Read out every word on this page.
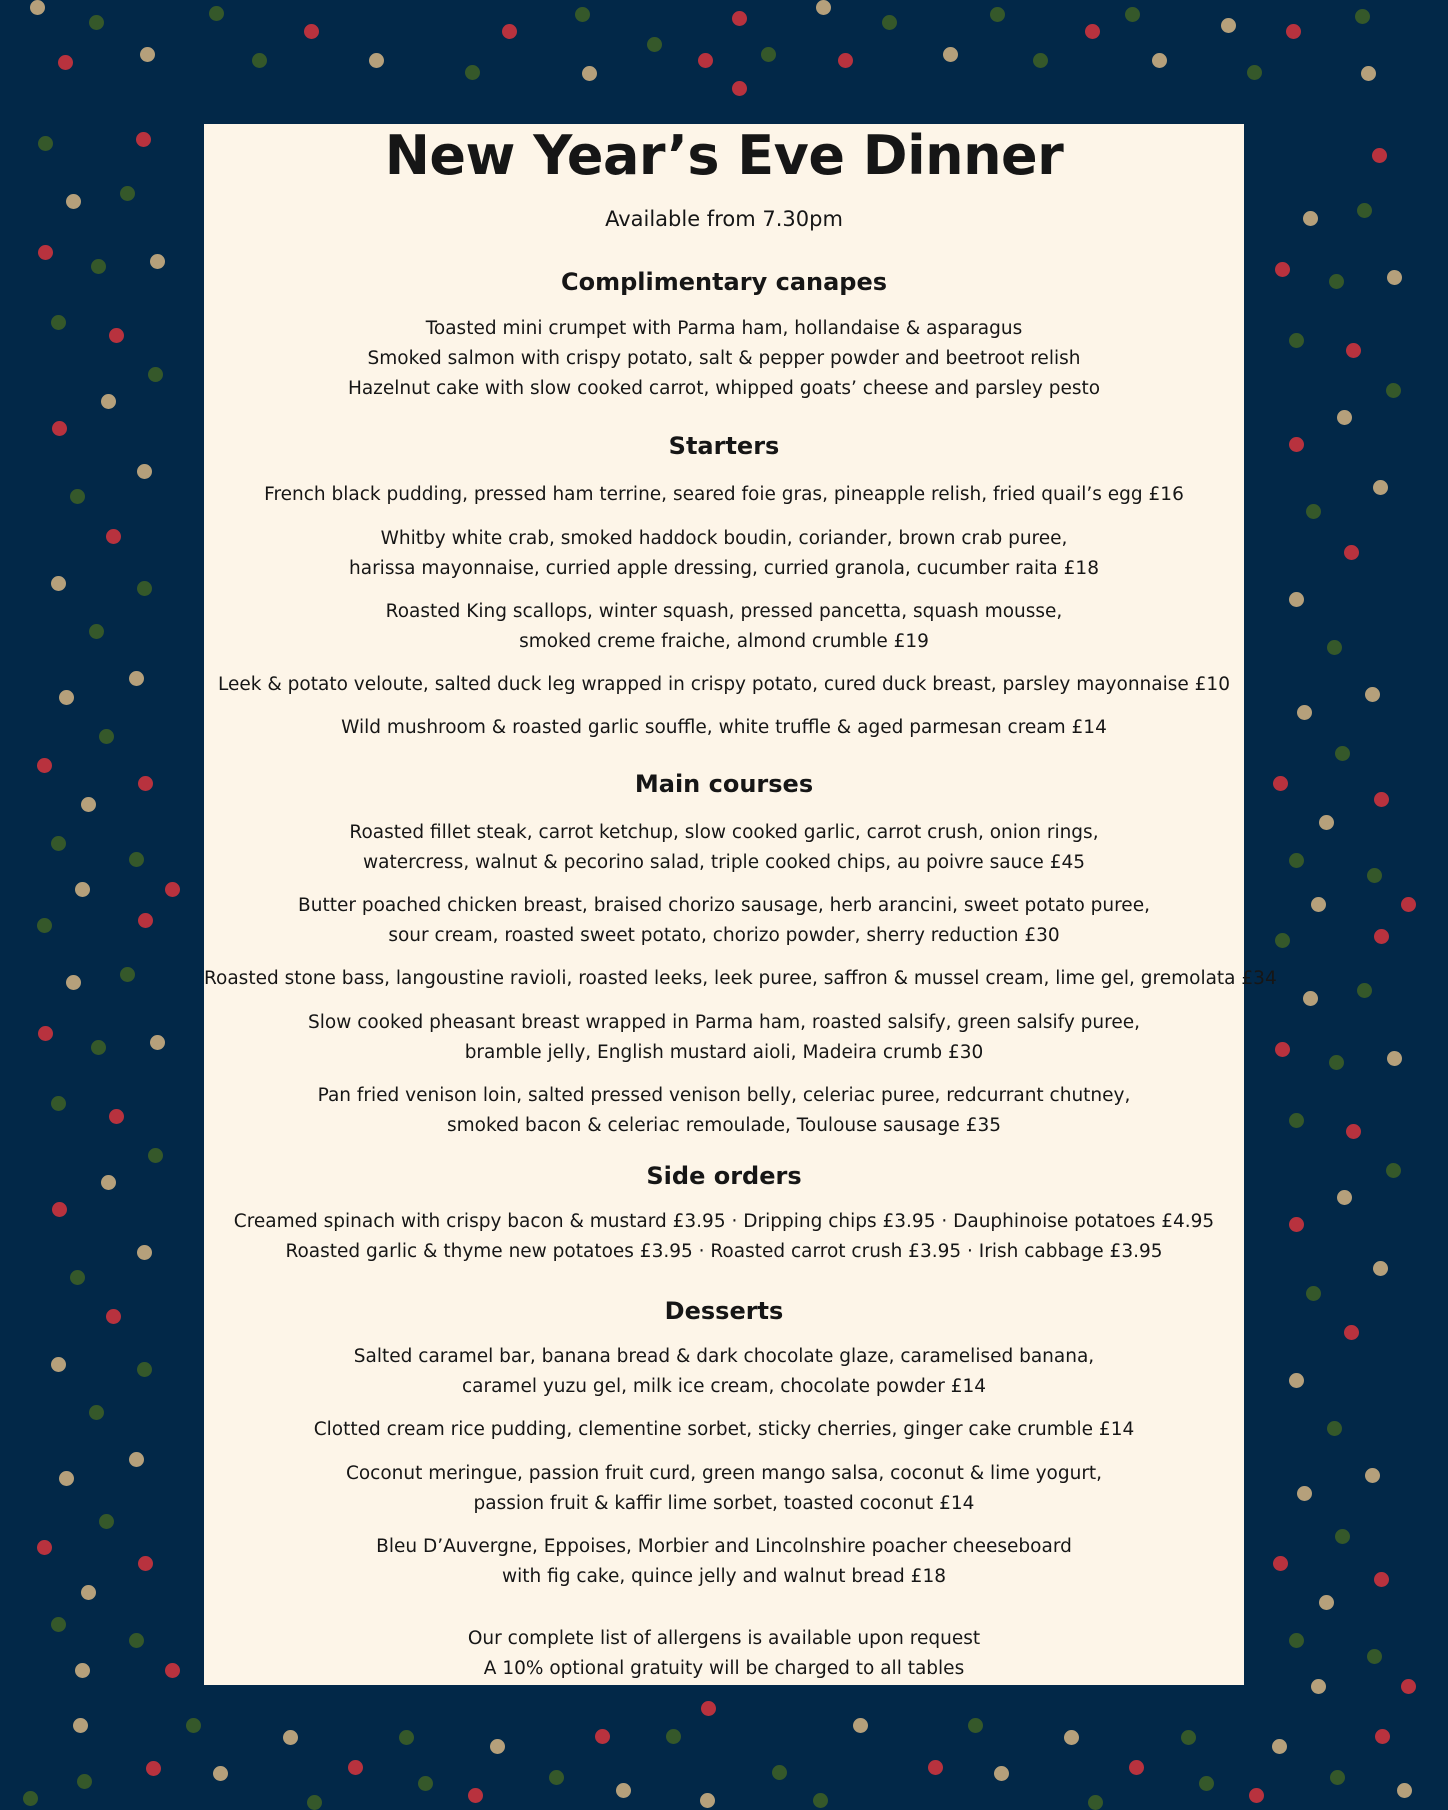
New Year’s Eve Dinner
Available from 7.30pm
Complimentary canapes
Toasted mini crumpet with Parma ham, hollandaise & asparagus
Smoked salmon with crispy potato, salt & pepper powder and beetroot relish
Hazelnut cake with slow cooked carrot, whipped goats’ cheese and parsley pesto
Starters
French black pudding, pressed ham terrine, seared foie gras, pineapple relish, fried quail’s egg £16
Whitby white crab, smoked haddock boudin, coriander, brown crab puree,
harissa mayonnaise, curried apple dressing, curried granola, cucumber raita £18
Roasted King scallops, winter squash, pressed pancetta, squash mousse,
smoked creme fraiche, almond crumble £19
Leek & potato veloute, salted duck leg wrapped in crispy potato, cured duck breast, parsley mayonnaise £10
Wild mushroom & roasted garlic souffle, white truffle & aged parmesan cream £14
Main courses
Roasted fillet steak, carrot ketchup, slow cooked garlic, carrot crush, onion rings,
watercress, walnut & pecorino salad, triple cooked chips, au poivre sauce £45
Butter poached chicken breast, braised chorizo sausage, herb arancini, sweet potato puree,
sour cream, roasted sweet potato, chorizo powder, sherry reduction £30
Roasted stone bass, langoustine ravioli, roasted leeks, leek puree, saffron & mussel cream, lime gel, gremolata £34
Slow cooked pheasant breast wrapped in Parma ham, roasted salsify, green salsify puree,
bramble jelly, English mustard aioli, Madeira crumb £30
Pan fried venison loin, salted pressed venison belly, celeriac puree, redcurrant chutney,
smoked bacon & celeriac remoulade, Toulouse sausage £35
Side orders
Creamed spinach with crispy bacon & mustard £3.95 · Dripping chips £3.95 · Dauphinoise potatoes £4.95
Roasted garlic & thyme new potatoes £3.95 · Roasted carrot crush £3.95 · Irish cabbage £3.95
Desserts
Salted caramel bar, banana bread & dark chocolate glaze, caramelised banana,
caramel yuzu gel, milk ice cream, chocolate powder £14
Clotted cream rice pudding, clementine sorbet, sticky cherries, ginger cake crumble £14
Coconut meringue, passion fruit curd, green mango salsa, coconut & lime yogurt,
passion fruit & kaffir lime sorbet, toasted coconut £14
Bleu D’Auvergne, Eppoises, Morbier and Lincolnshire poacher cheeseboard
with fig cake, quince jelly and walnut bread £18
Our complete list of allergens is available upon request
A 10% optional gratuity will be charged to all tables
